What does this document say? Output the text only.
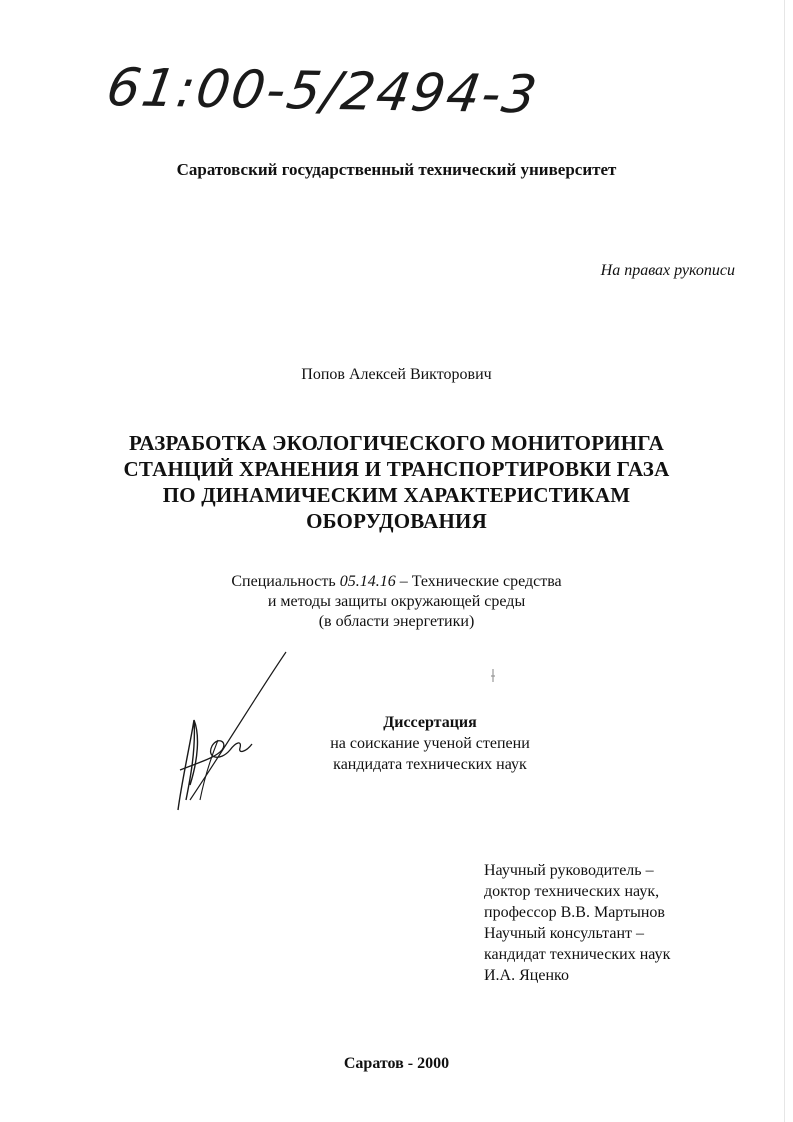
61:00-5/2494-3
Саратовский государственный технический университет
На правах рукописи
Попов Алексей Викторович
РАЗРАБОТКА ЭКОЛОГИЧЕСКОГО МОНИТОРИНГА
СТАНЦИЙ ХРАНЕНИЯ И ТРАНСПОРТИРОВКИ ГАЗА
ПО ДИНАМИЧЕСКИМ ХАРАКТЕРИСТИКАМ
ОБОРУДОВАНИЯ
Специальность 05.14.16 – Технические средства
и методы защиты окружающей среды
(в области энергетики)
Диссертация
на соискание ученой степени
кандидата технических наук
Научный руководитель –
доктор технических наук,
профессор В.В. Мартынов
Научный консультант –
кандидат технических наук
И.А. Яценко
Саратов - 2000
